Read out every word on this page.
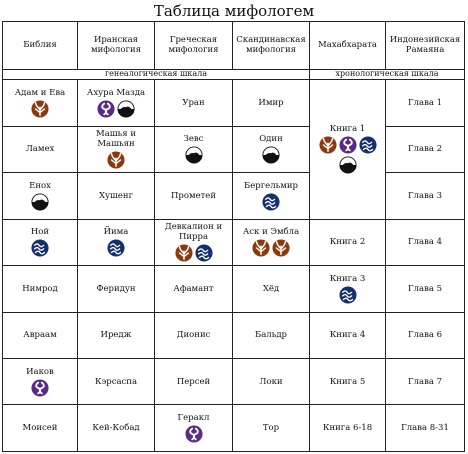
Таблица мифологем
Библия	Иранская мифология	Греческая мифология	Скандинавская мифология	Махабхарата	Индонезийская Рамаяна
генеалогическая шкала				хронологическая шкала	

Адам и Ева	Ахура Мазда	Уран	Имир	Книга 1	Глава 1

Ламех	Машья и Машьян	Зевс	Один		Глава 2

Енох	Хушенг	Прометей	Бергельмир		Глава 3

Ной	Йима	Девкалион и Пирра	Аск и Эмбла	Книга 2	Глава 4

Нимрод	Феридун	Афамант	Хёд	Книга 3	Глава 5

Авраам	Иредж	Дионис	Бальдр	Книга 4	Глава 6

Иаков	Кэрсаспа	Персей	Локи	Книга 5	Глава 7

Моисей	Кей-Кобад	Геракл	Тор	Книга 6-18	Глава 8-31
